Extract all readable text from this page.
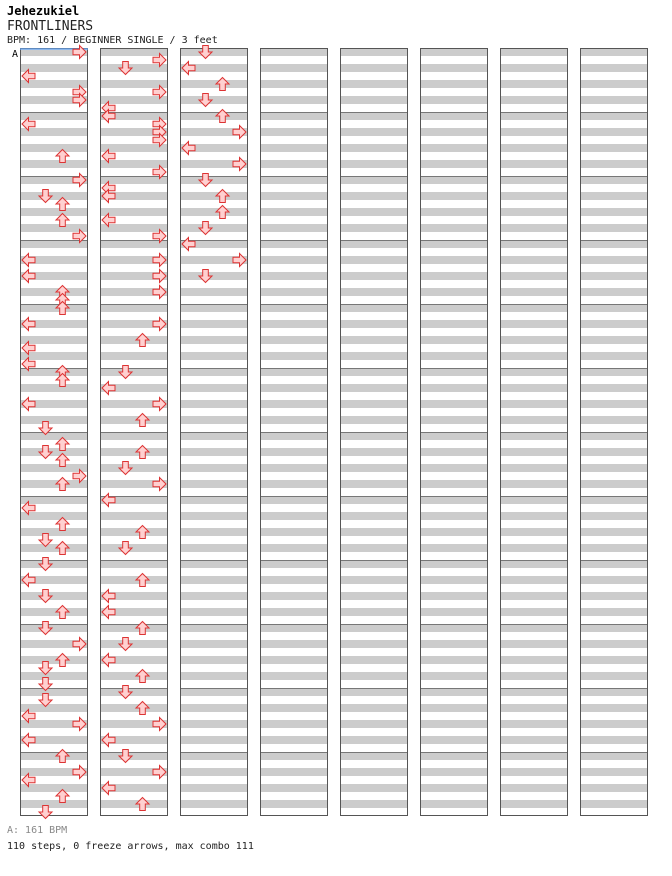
Jehezukiel
FRONTLINERS
BPM: 161 / BEGINNER SINGLE / 3 feet
A
A: 161 BPM
110 steps, 0 freeze arrows, max combo 111
